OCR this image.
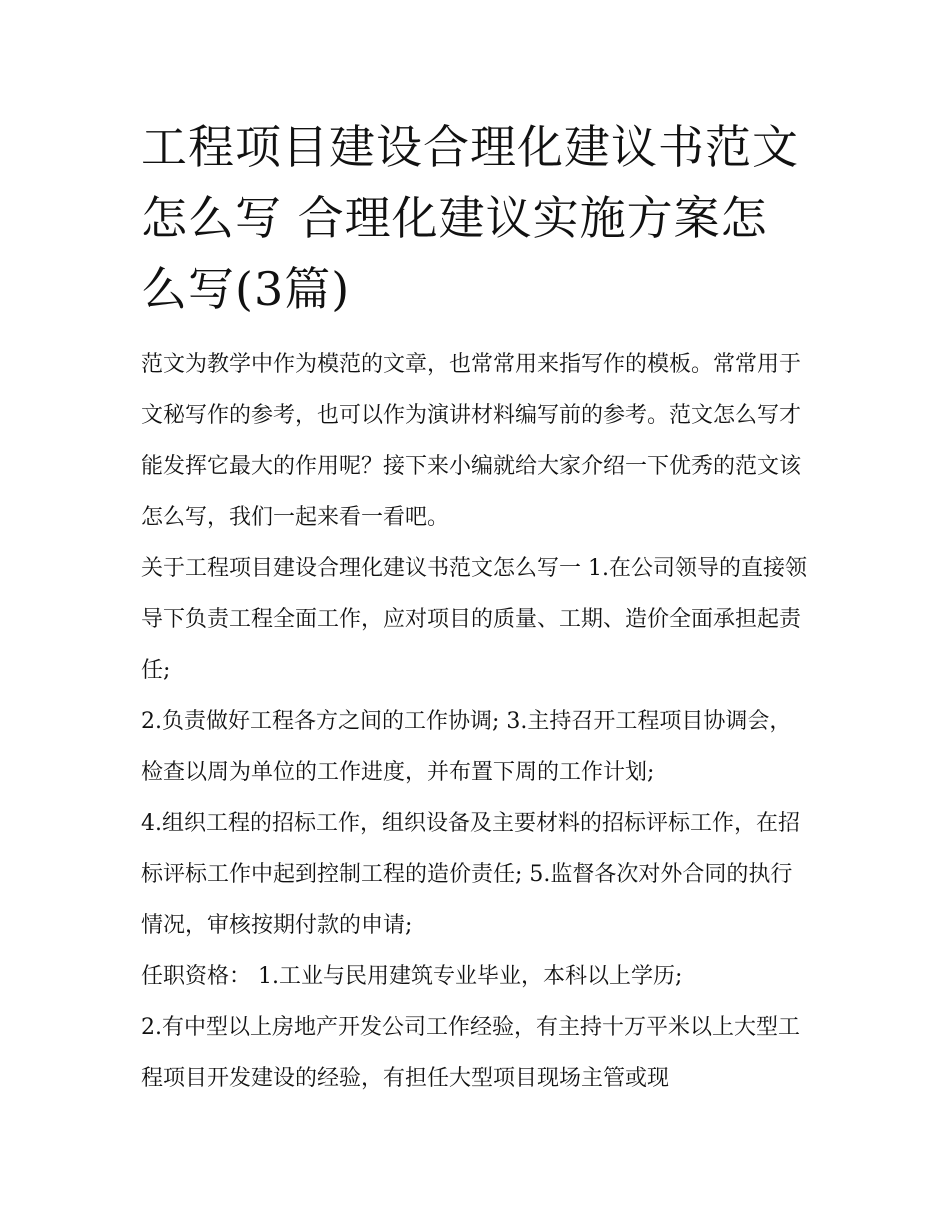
工程项目建设合理化建议书范文怎么写 合理化建议实施方案怎么写(3篇)

范文为教学中作为模范的文章，也常常用来指写作的模板。常常用于文秘写作的参考，也可以作为演讲材料编写前的参考。范文怎么写才能发挥它最大的作用呢？接下来小编就给大家介绍一下优秀的范文该怎么写，我们一起来看一看吧。

关于工程项目建设合理化建议书范文怎么写一 1.在公司领导的直接领导下负责工程全面工作，应对项目的质量、工期、造价全面承担起责任;

2.负责做好工程各方之间的工作协调; 3.主持召开工程项目协调会，检查以周为单位的工作进度，并布置下周的工作计划;

4.组织工程的招标工作，组织设备及主要材料的招标评标工作，在招标评标工作中起到控制工程的造价责任; 5.监督各次对外合同的执行情况，审核按期付款的申请;

任职资格： 1.工业与民用建筑专业毕业，本科以上学历;

2.有中型以上房地产开发公司工作经验，有主持十万平米以上大型工程项目开发建设的经验，有担任大型项目现场主管或现
